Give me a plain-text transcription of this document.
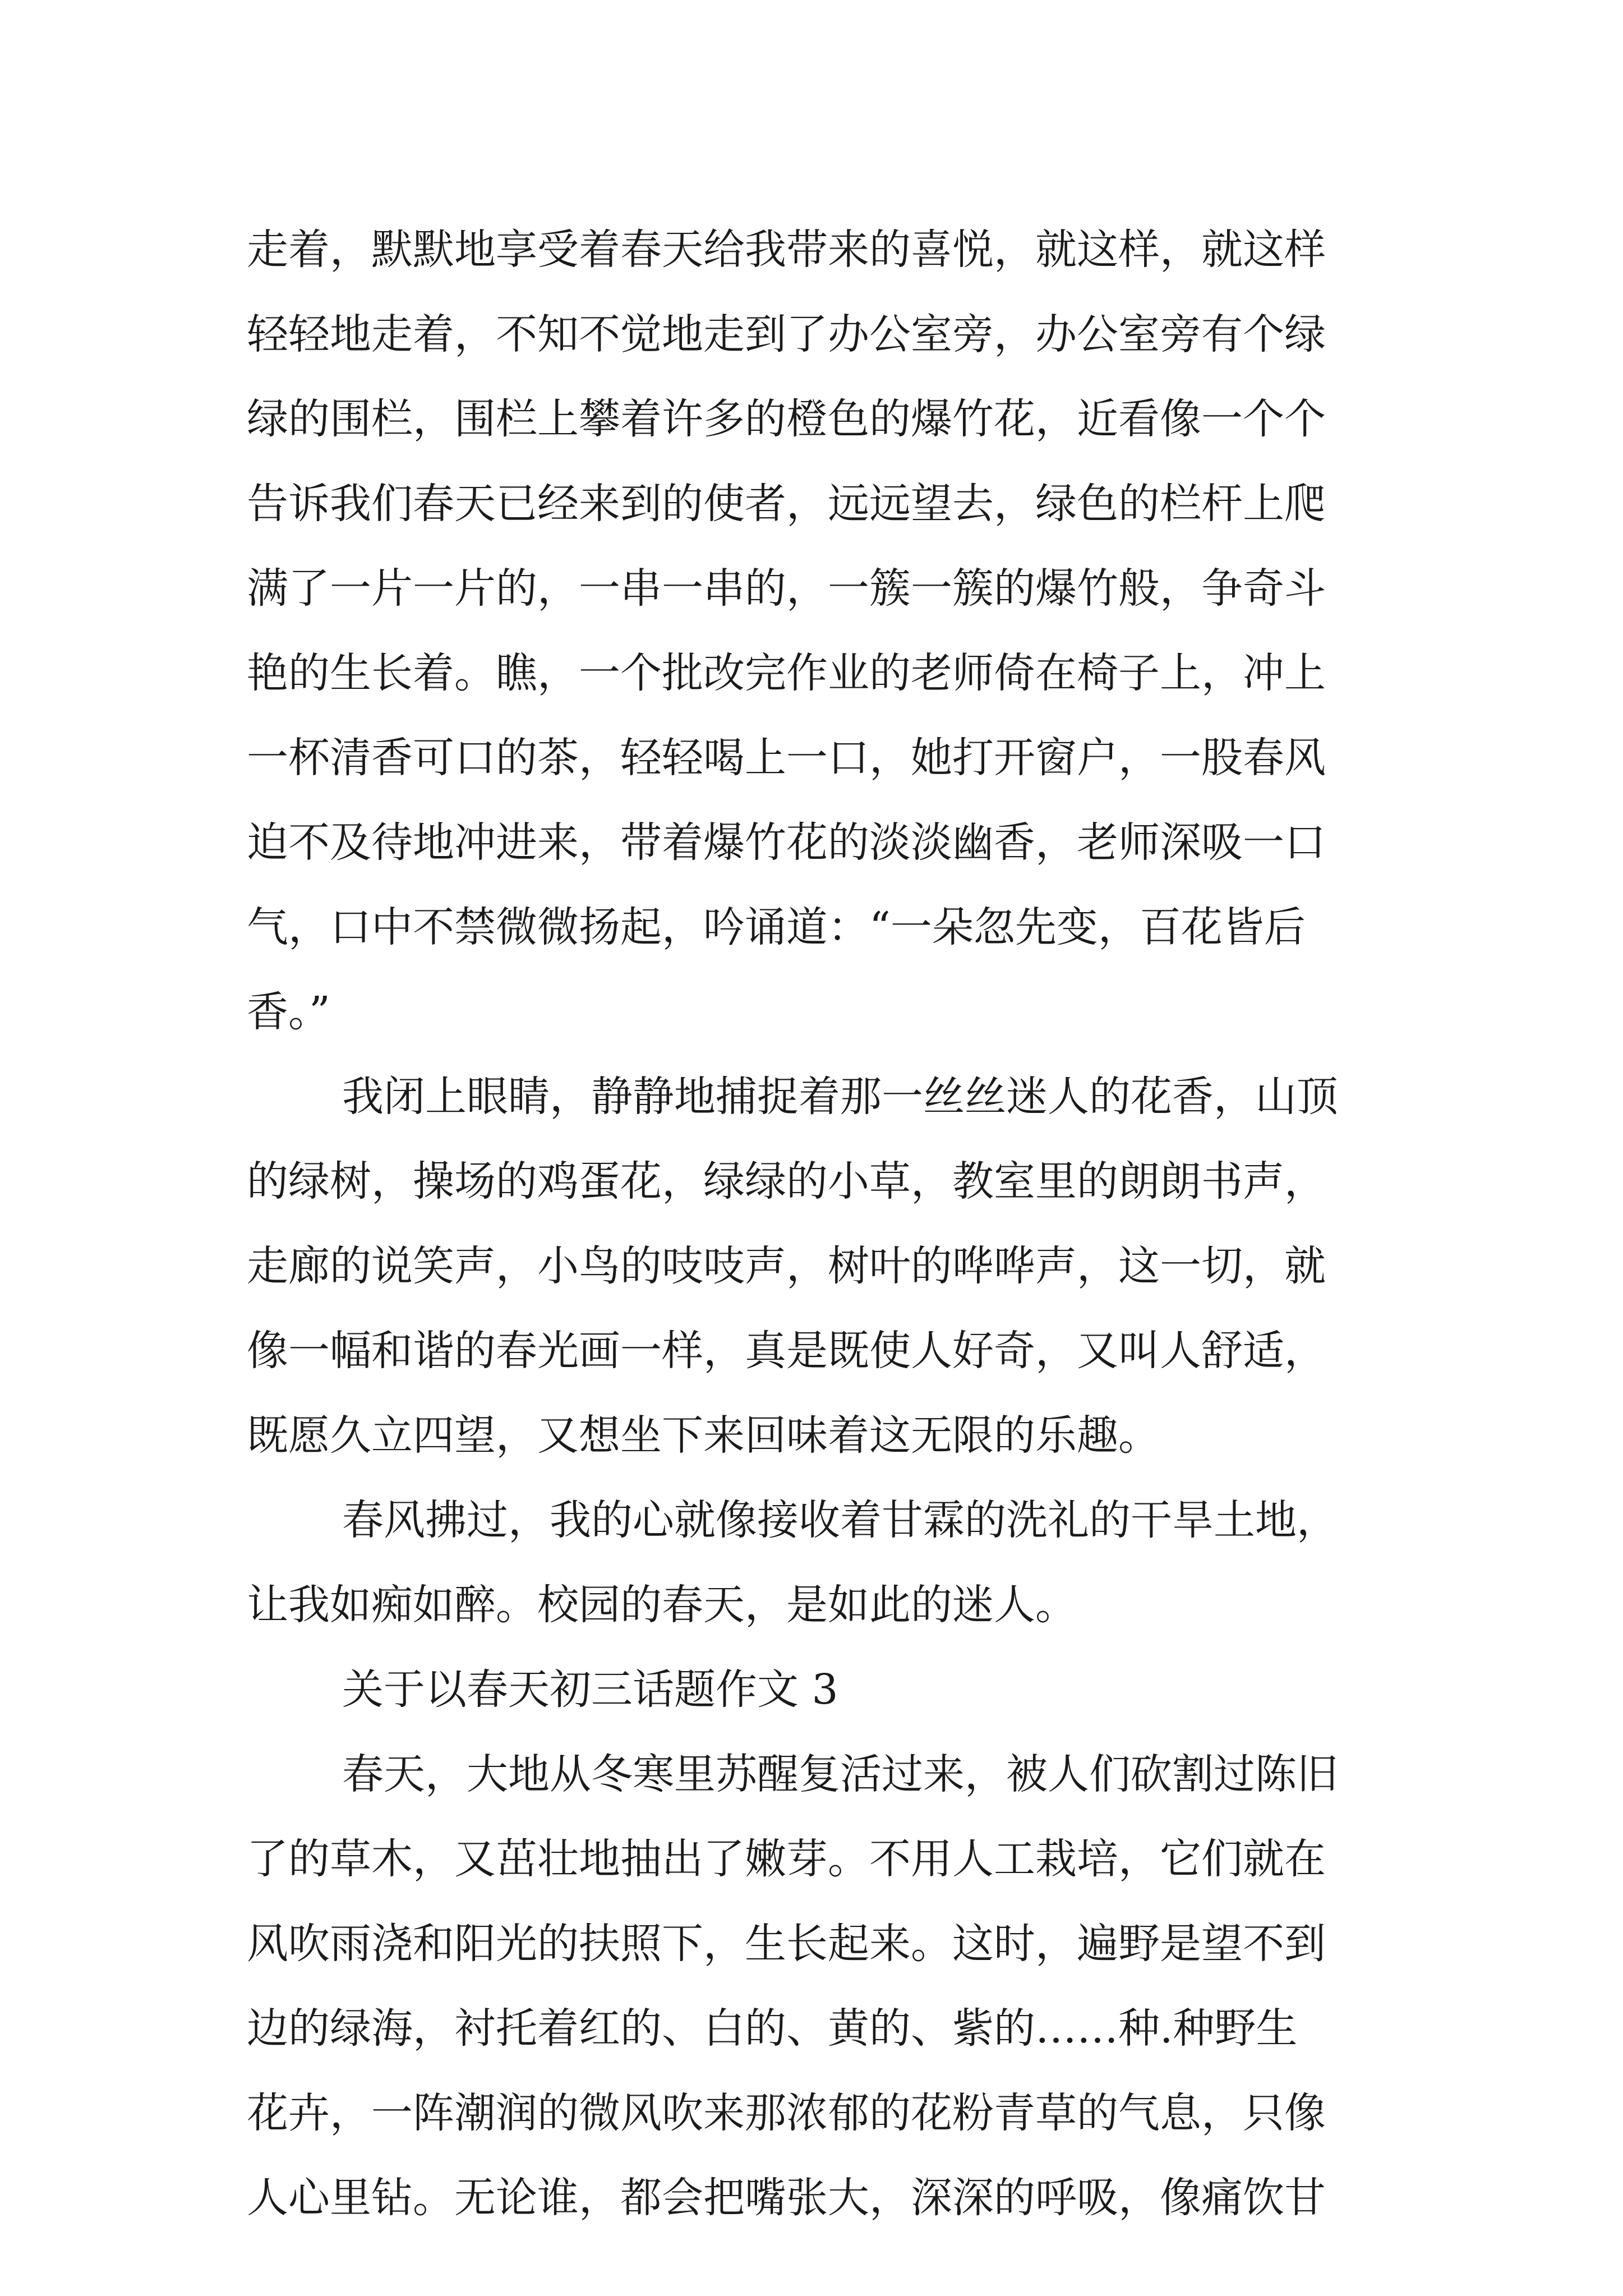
走着，默默地享受着春天给我带来的喜悦，就这样，就这样

轻轻地走着，不知不觉地走到了办公室旁，办公室旁有个绿

绿的围栏，围栏上攀着许多的橙色的爆竹花，近看像一个个

告诉我们春天已经来到的使者，远远望去，绿色的栏杆上爬

满了一片一片的，一串一串的，一簇一簇的爆竹般，争奇斗

艳的生长着。瞧，一个批改完作业的老师倚在椅子上，冲上

一杯清香可口的茶，轻轻喝上一口，她打开窗户，一股春风

迫不及待地冲进来，带着爆竹花的淡淡幽香，老师深吸一口

气，口中不禁微微扬起，吟诵道：“一朵忽先变，百花皆后

香。”

我闭上眼睛，静静地捕捉着那一丝丝迷人的花香，山顶

的绿树，操场的鸡蛋花，绿绿的小草，教室里的朗朗书声，

走廊的说笑声，小鸟的吱吱声，树叶的哗哗声，这一切，就

像一幅和谐的春光画一样，真是既使人好奇，又叫人舒适，

既愿久立四望，又想坐下来回味着这无限的乐趣。

春风拂过，我的心就像接收着甘霖的洗礼的干旱土地，

让我如痴如醉。校园的春天，是如此的迷人。

关于以春天初三话题作文 3

春天，大地从冬寒里苏醒复活过来，被人们砍割过陈旧

了的草木，又茁壮地抽出了嫩芽。不用人工栽培，它们就在

风吹雨浇和阳光的扶照下，生长起来。这时，遍野是望不到

边的绿海，衬托着红的、白的、黄的、紫的……种.种野生

花卉，一阵潮润的微风吹来那浓郁的花粉青草的气息，只像

人心里钻。无论谁，都会把嘴张大，深深的呼吸，像痛饮甘
